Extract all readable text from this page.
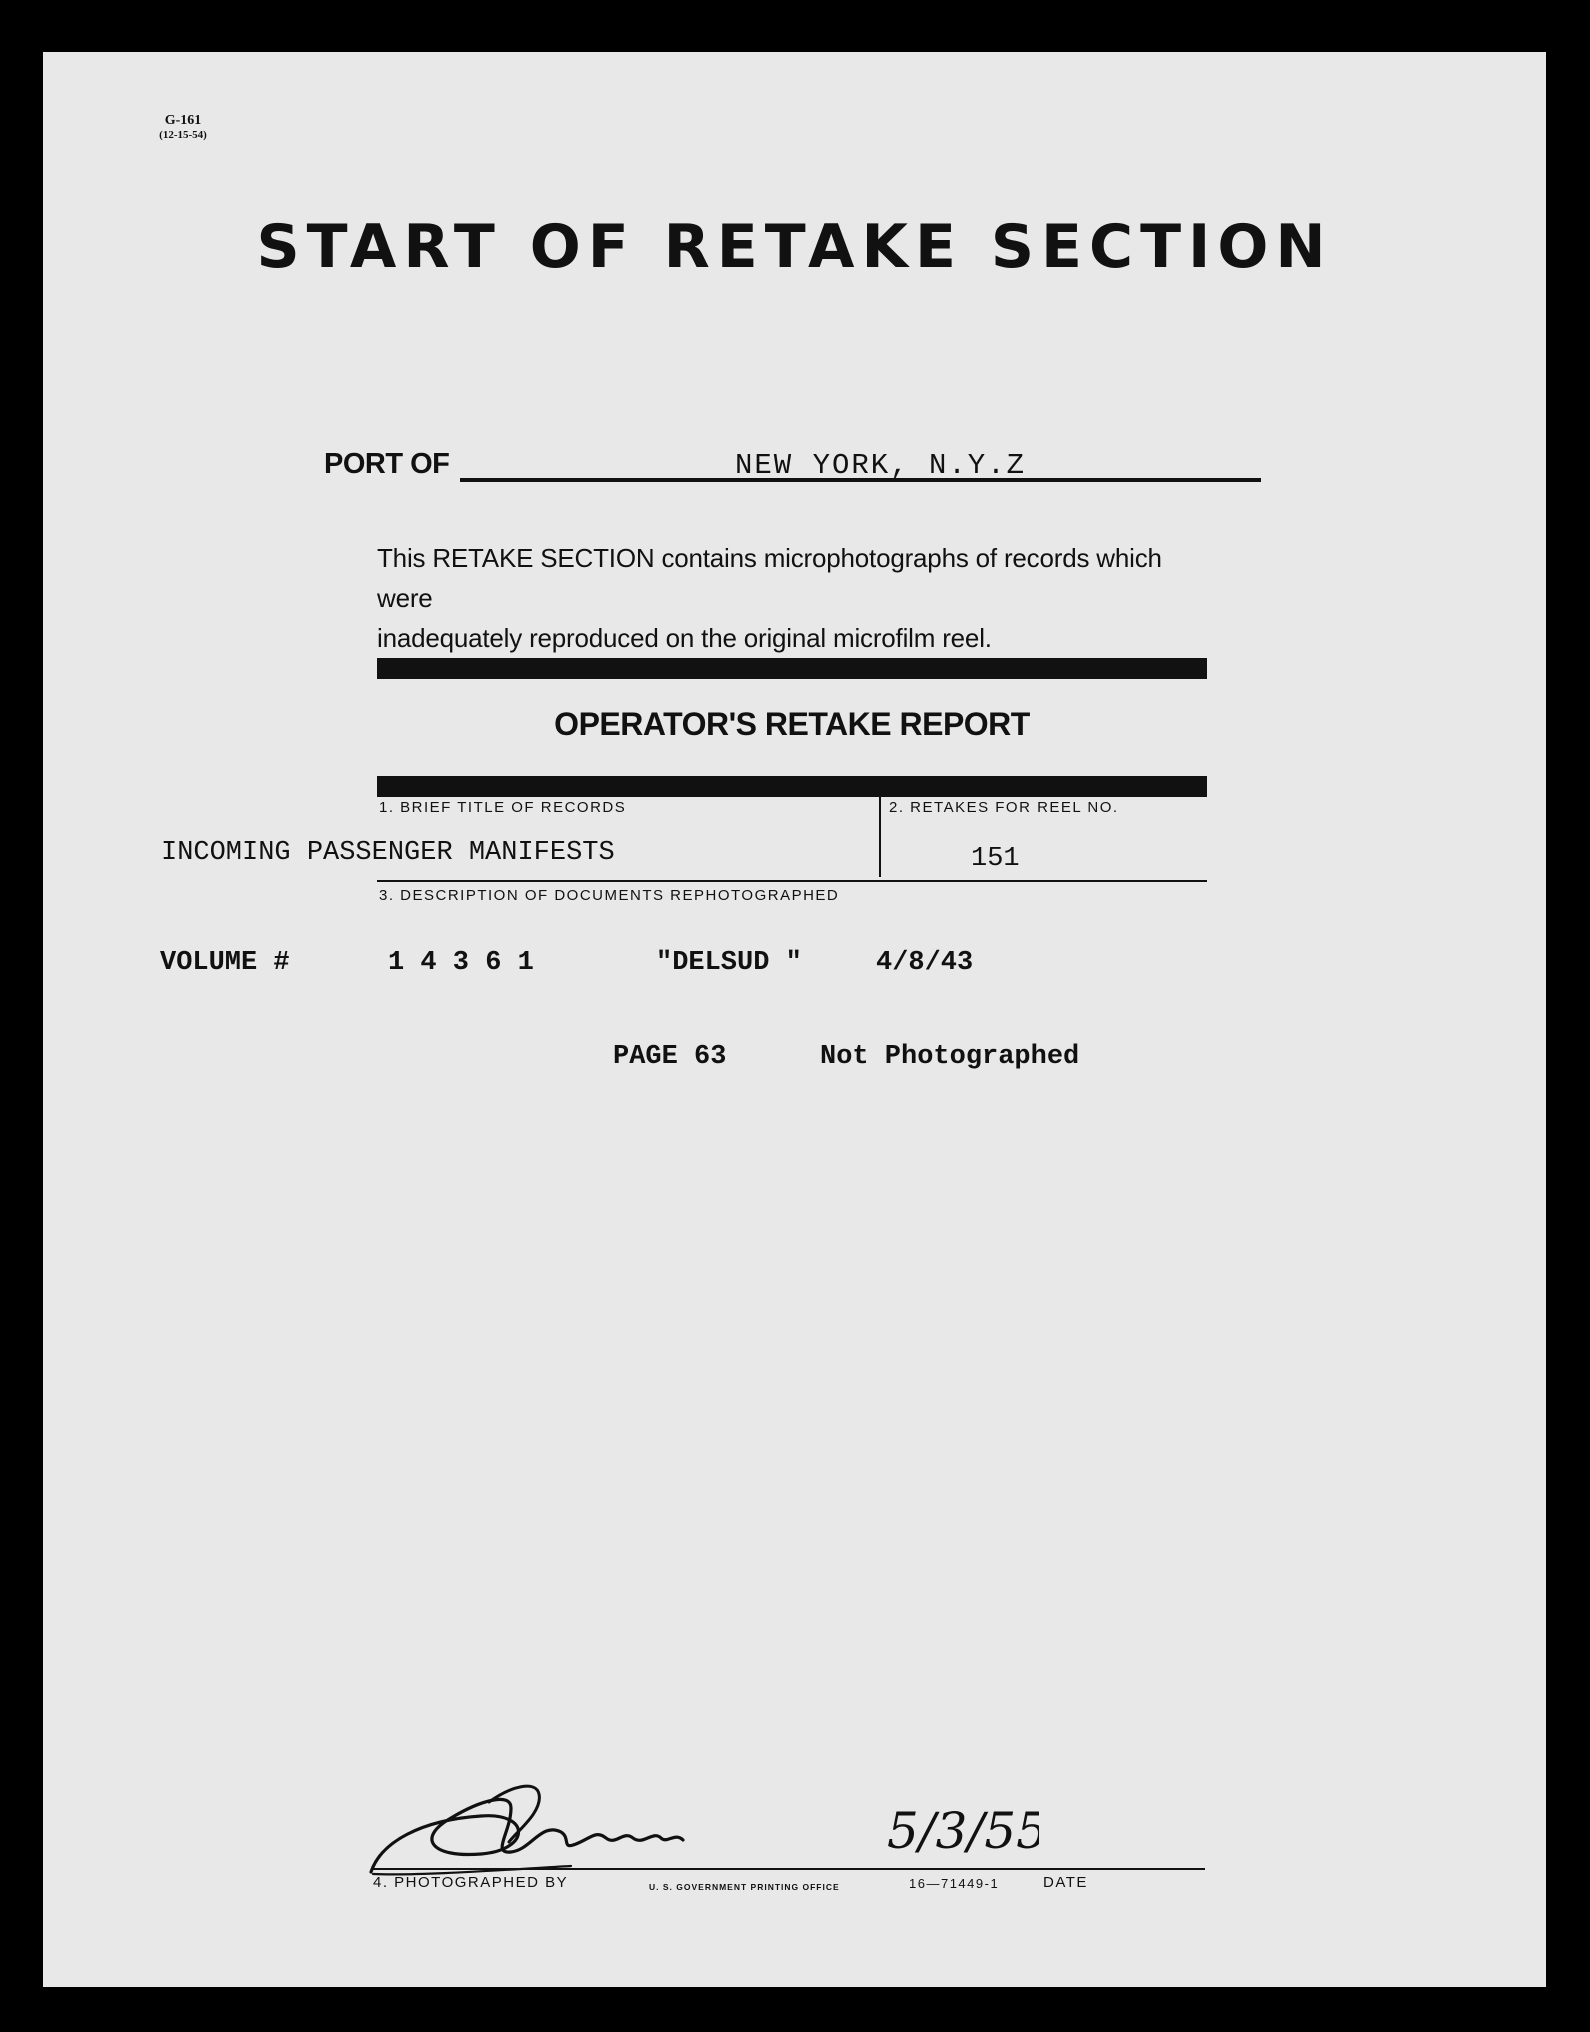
G-161
(12-15-54)
START OF RETAKE SECTION
PORT OF	NEW YORK, N.Y.Z
This RETAKE SECTION contains microphotographs of records which were
inadequately reproduced on the original microfilm reel.
OPERATOR'S RETAKE REPORT
1. BRIEF TITLE OF RECORDS	2. RETAKES FOR REEL NO.
INCOMING PASSENGER MANIFESTS	151
3. DESCRIPTION OF DOCUMENTS REPHOTOGRAPHED
VOLUME #	1 4 3 6 1	"DELSUD "	4/8/43
PAGE 63	Not Photographed
5/3/55
4. PHOTOGRAPHED BY	U. S. GOVERNMENT PRINTING OFFICE	16—71449-1	DATE
